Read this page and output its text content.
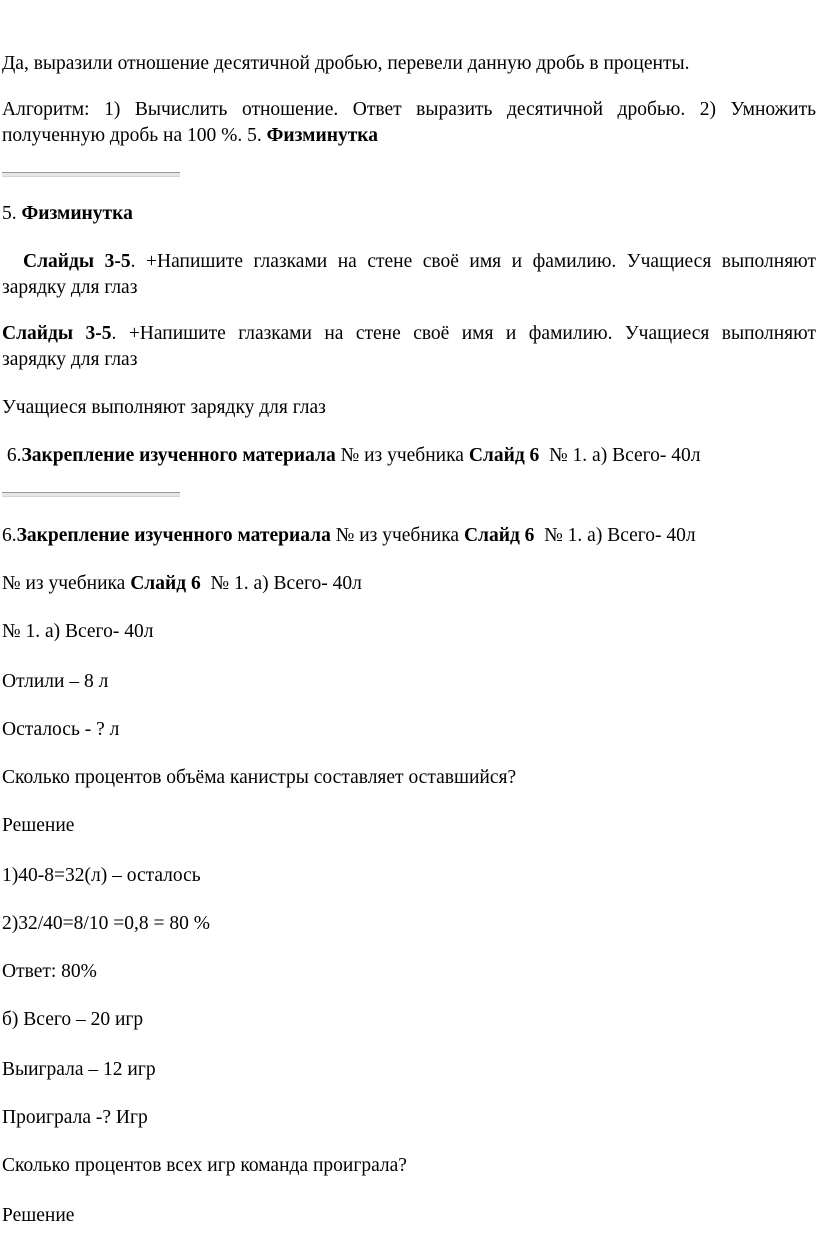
Да, выразили отношение десятичной дробью, перевели данную дробь в проценты.
Алгоритм: 1) Вычислить отношение. Ответ выразить десятичной дробью. 2) Умножить
полученную дробь на 100 %. 5. Физминутка
5. Физминутка
Слайды 3-5. +Напишите глазками на стене своё имя и фамилию. Учащиеся выполняют
зарядку для глаз
Слайды 3-5. +Напишите глазками на стене своё имя и фамилию. Учащиеся выполняют
зарядку для глаз
Учащиеся выполняют зарядку для глаз
6.Закрепление изученного материала № из учебника Слайд 6  № 1. а) Всего- 40л
6.Закрепление изученного материала № из учебника Слайд 6  № 1. а) Всего- 40л
№ из учебника Слайд 6  № 1. а) Всего- 40л
№ 1. а) Всего- 40л
Отлили – 8 л
Осталось - ? л
Сколько процентов объёма канистры составляет оставшийся?
Решение
1)40-8=32(л) – осталось
2)32/40=8/10 =0,8 = 80 %
Ответ: 80%
б) Всего – 20 игр
Выиграла – 12 игр
Проиграла -? Игр
Сколько процентов всех игр команда проиграла?
Решение
